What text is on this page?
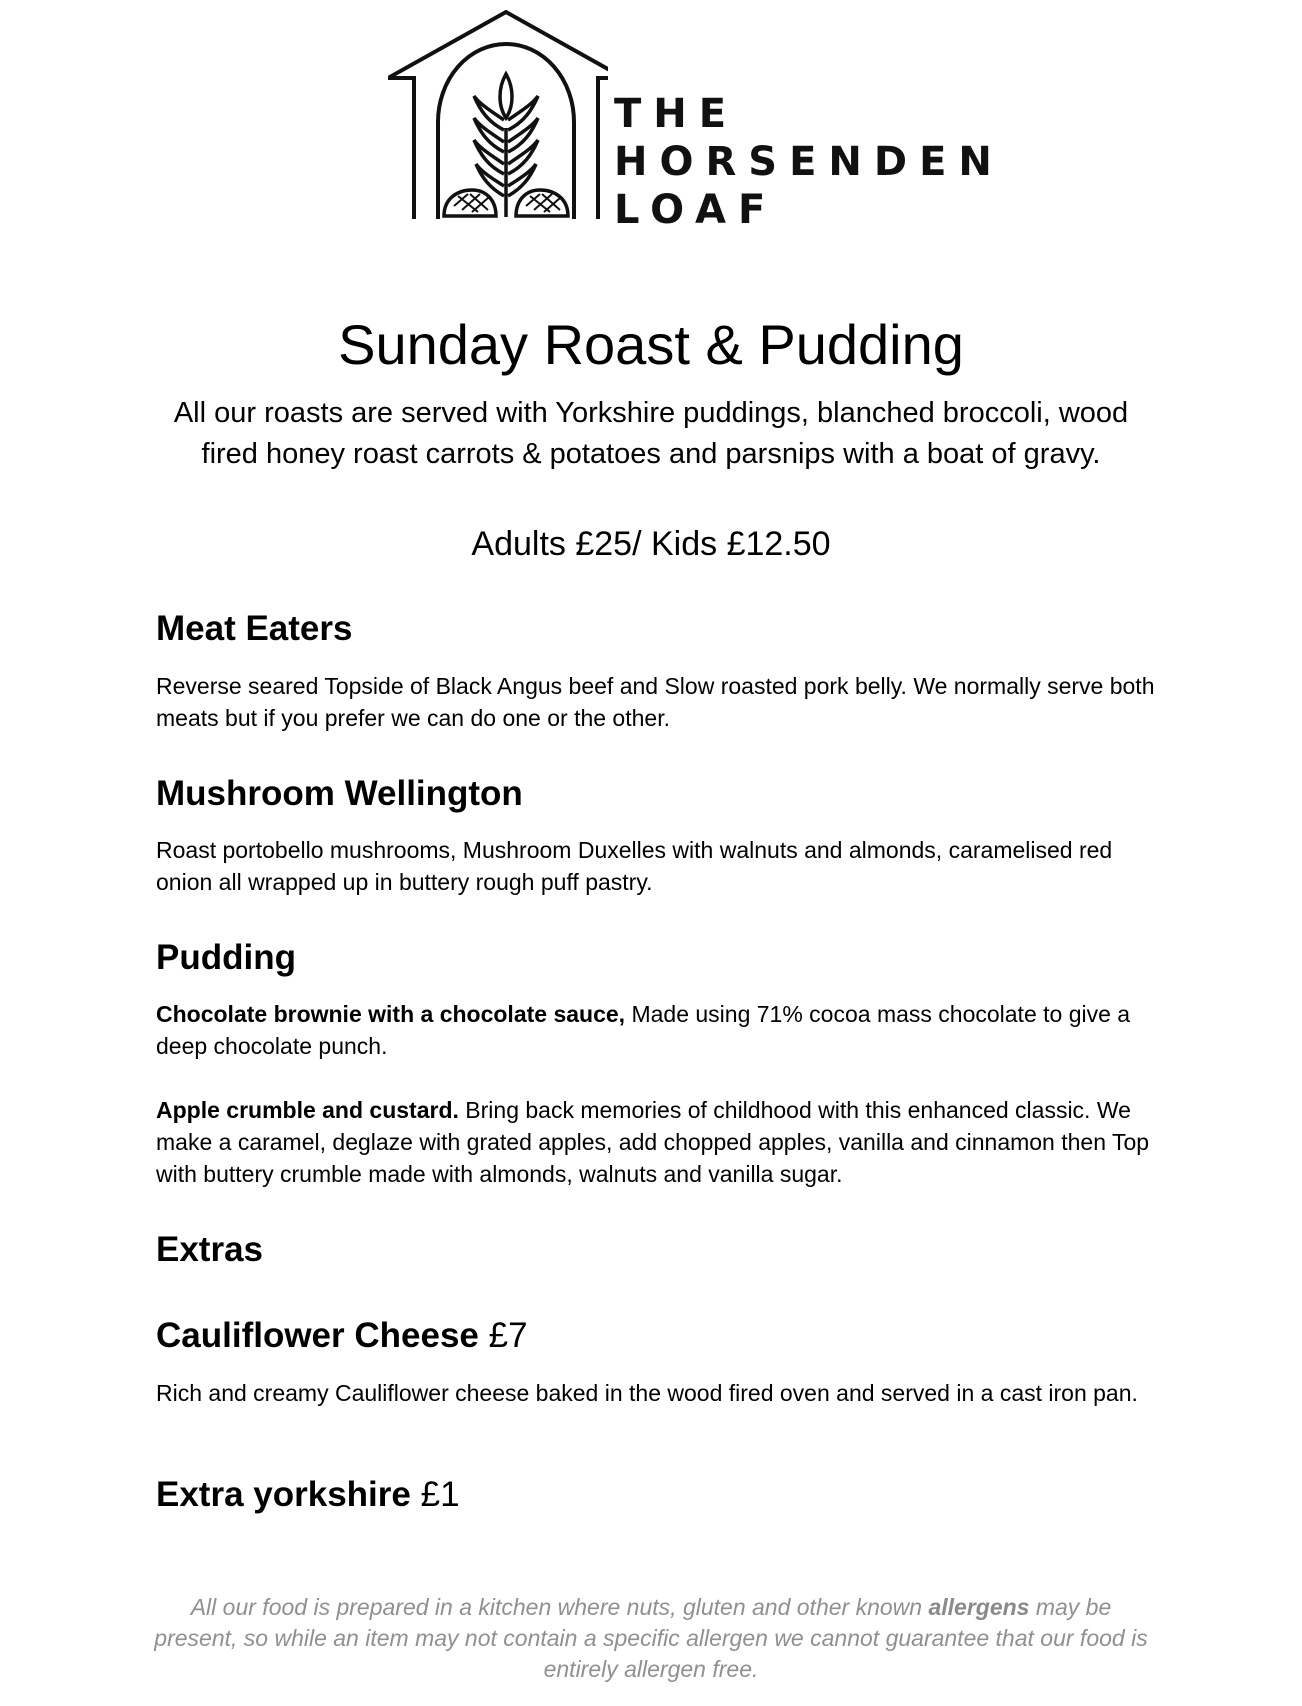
THE
HORSENDEN
LOAF
Sunday Roast & Pudding

All our roasts are served with Yorkshire puddings, blanched broccoli, wood fired honey roast carrots & potatoes and parsnips with a boat of gravy.

Adults £25/ Kids £12.50

Meat Eaters

Reverse seared Topside of Black Angus beef and Slow roasted pork belly. We normally serve both meats but if you prefer we can do one or the other.

Mushroom Wellington

Roast portobello mushrooms, Mushroom Duxelles with walnuts and almonds, caramelised red onion all wrapped up in buttery rough puff pastry.

Pudding

Chocolate brownie with a chocolate sauce, Made using 71% cocoa mass chocolate to give a deep chocolate punch.

Apple crumble and custard. Bring back memories of childhood with this enhanced classic. We make a caramel, deglaze with grated apples, add chopped apples, vanilla and cinnamon then Top with buttery crumble made with almonds, walnuts and vanilla sugar.

Extras
Cauliflower Cheese £7

Rich and creamy Cauliflower cheese baked in the wood fired oven and served in a cast iron pan.

Extra yorkshire £1

All our food is prepared in a kitchen where nuts, gluten and other known allergens may be present, so while an item may not contain a specific allergen we cannot guarantee that our food is entirely allergen free.
